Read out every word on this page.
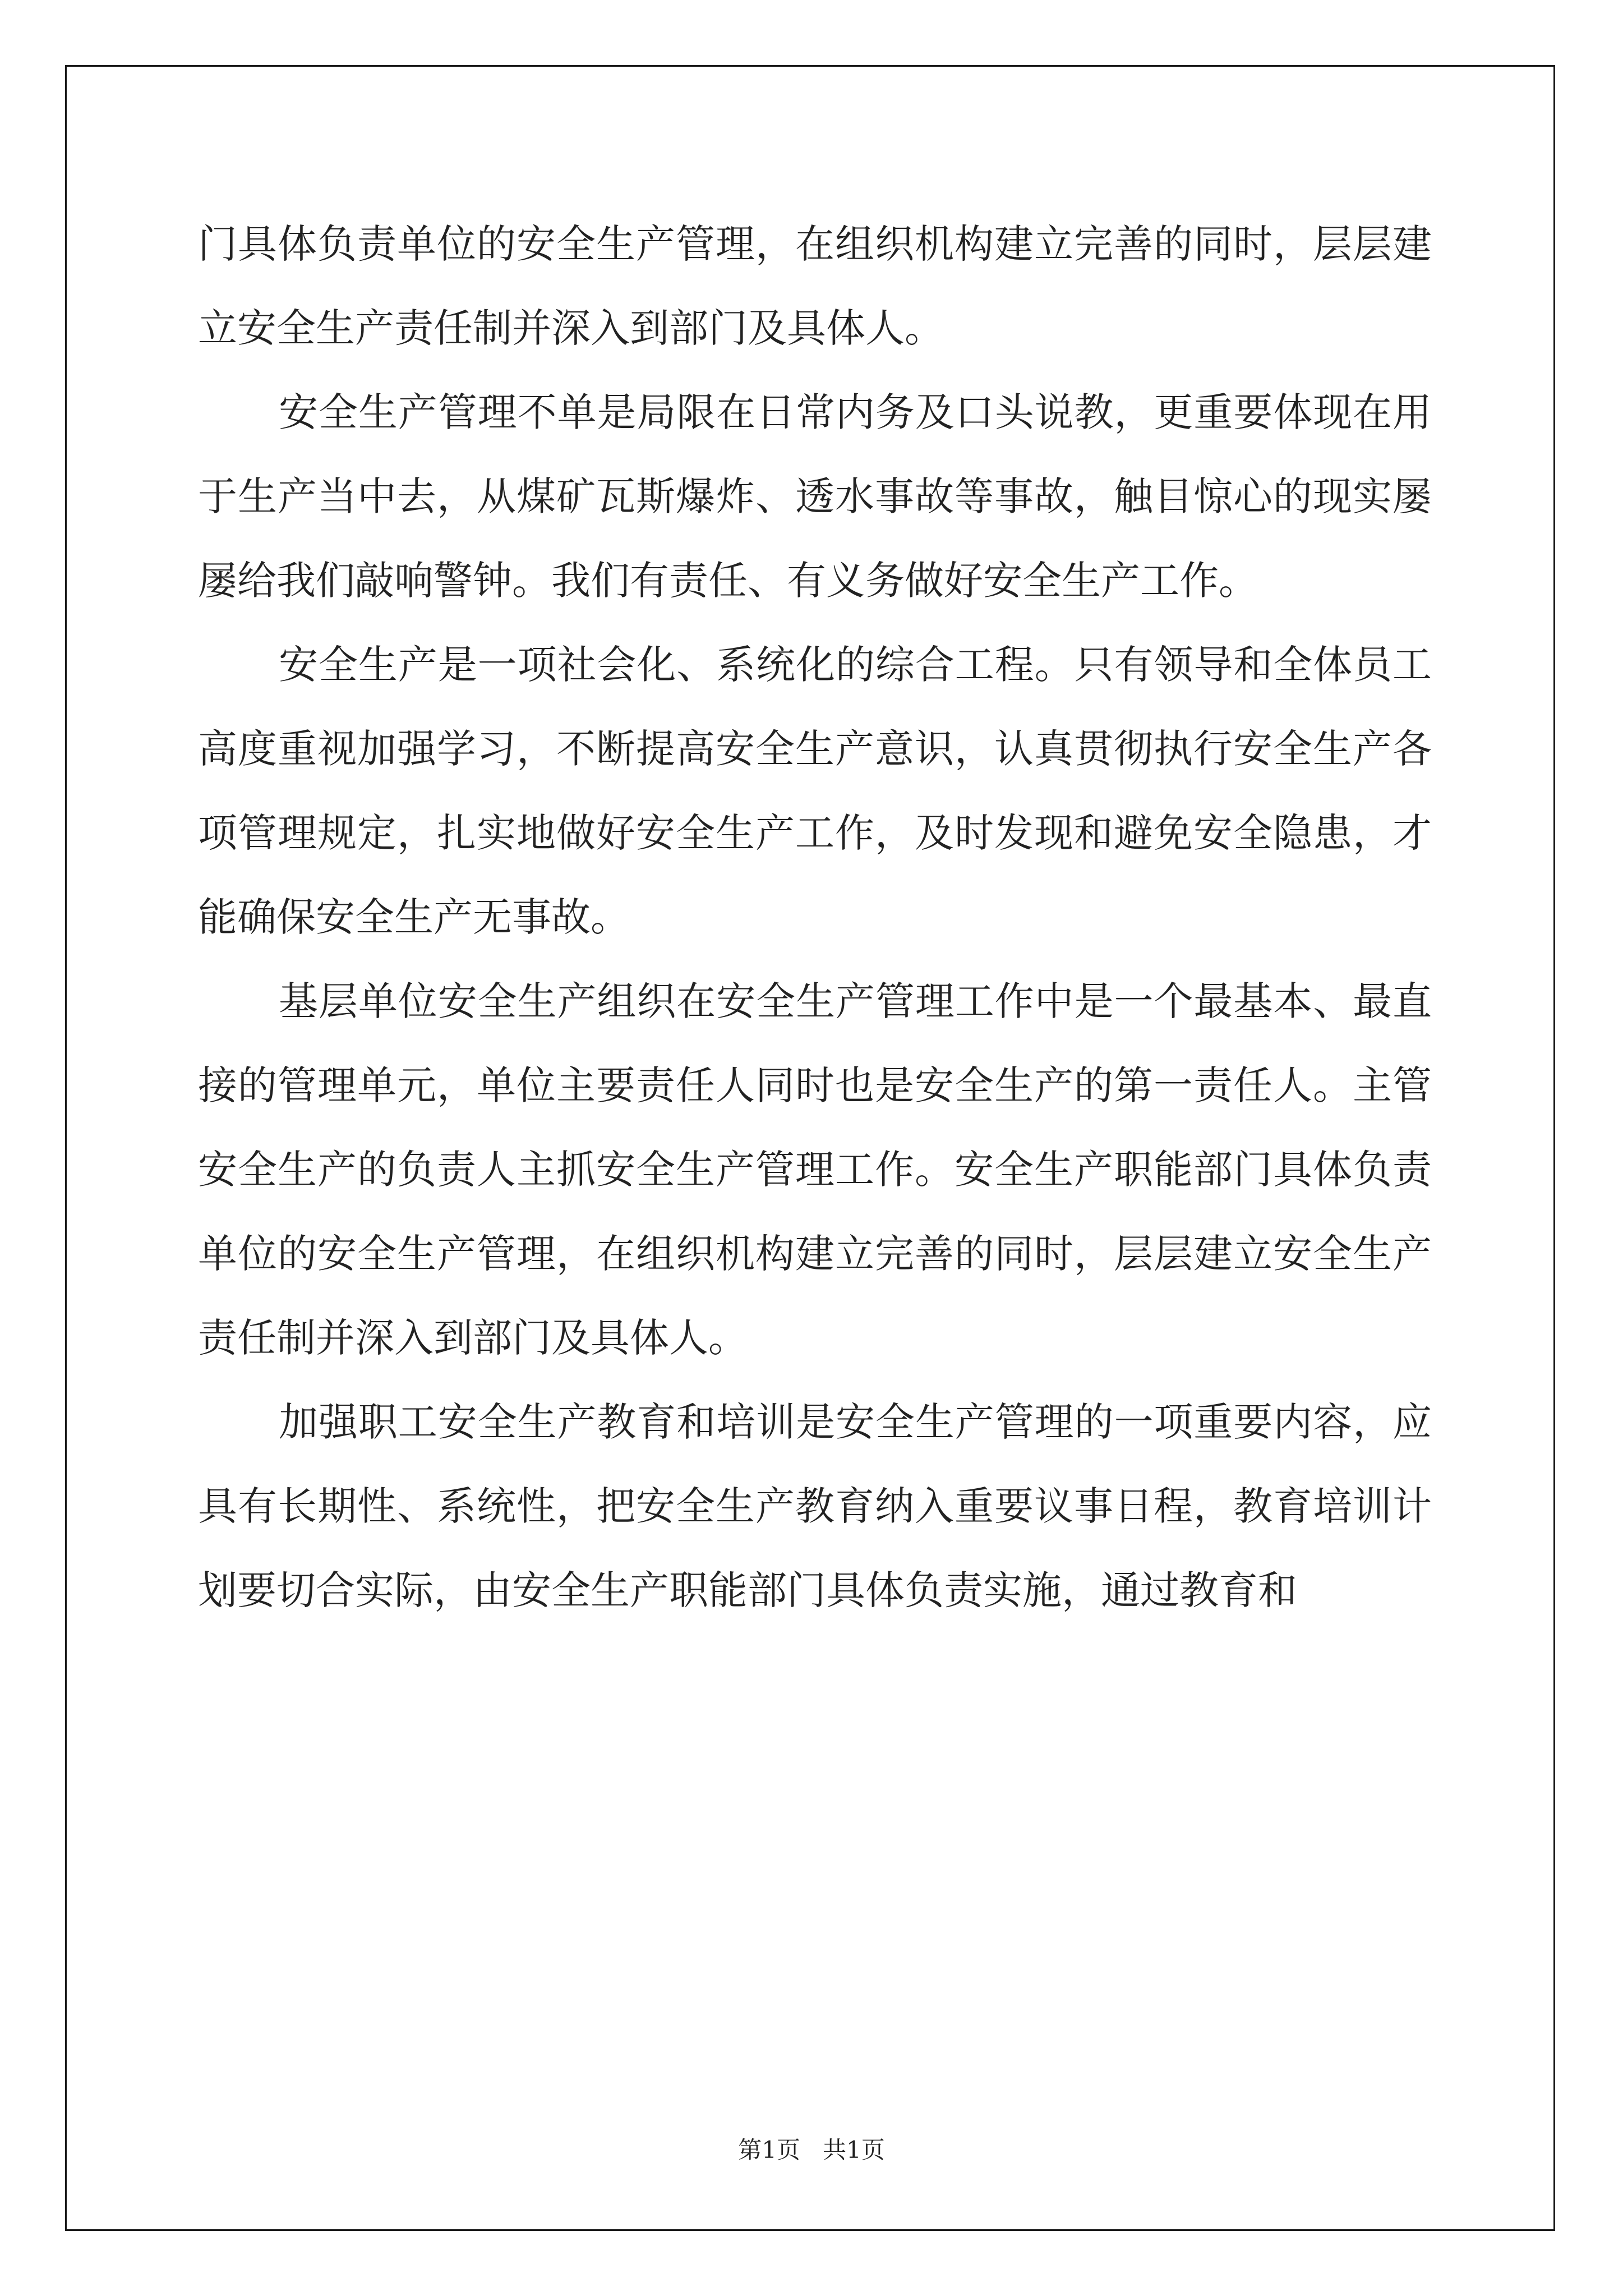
门具体负责单位的安全生产管理，在组织机构建立完善的同时，层层建立安全生产责任制并深入到部门及具体人。

安全生产管理不单是局限在日常内务及口头说教，更重要体现在用于生产当中去，从煤矿瓦斯爆炸、透水事故等事故，触目惊心的现实屡屡给我们敲响警钟。我们有责任、有义务做好安全生产工作。

安全生产是一项社会化、系统化的综合工程。只有领导和全体员工高度重视加强学习，不断提高安全生产意识，认真贯彻执行安全生产各项管理规定，扎实地做好安全生产工作，及时发现和避免安全隐患，才能确保安全生产无事故。

基层单位安全生产组织在安全生产管理工作中是一个最基本、最直接的管理单元，单位主要责任人同时也是安全生产的第一责任人。主管安全生产的负责人主抓安全生产管理工作。安全生产职能部门具体负责单位的安全生产管理，在组织机构建立完善的同时，层层建立安全生产责任制并深入到部门及具体人。

加强职工安全生产教育和培训是安全生产管理的一项重要内容，应具有长期性、系统性，把安全生产教育纳入重要议事日程，教育培训计划要切合实际，由安全生产职能部门具体负责实施，通过教育和

第1页   共1页
